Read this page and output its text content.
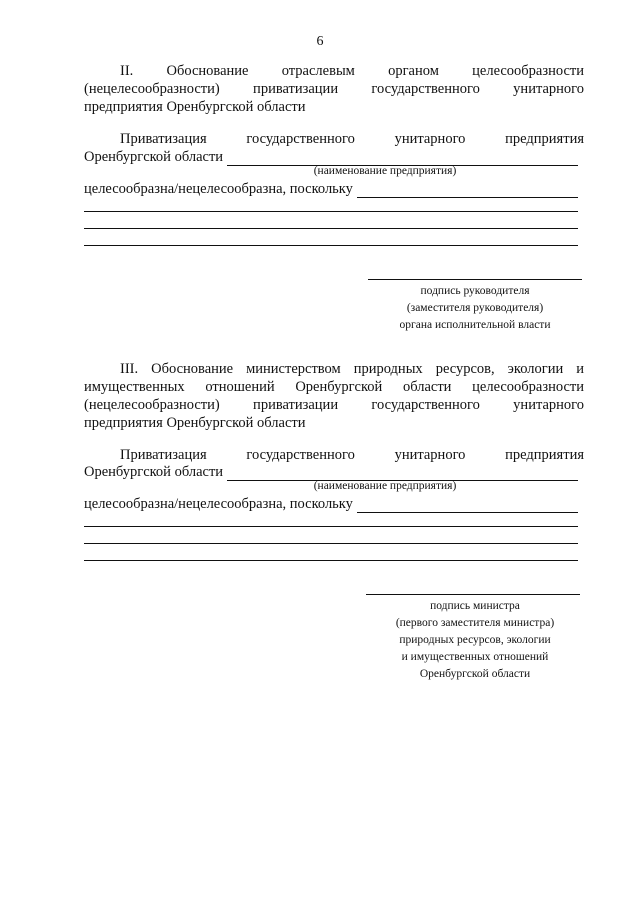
6
II. Обоснование отраслевым органом целесообразности
(нецелесообразности) приватизации государственного унитарного
предприятия Оренбургской области
Приватизация государственного унитарного предприятия
Оренбургской области
(наименование предприятия)
целесообразна/нецелесообразна, поскольку
подпись руководителя
(заместителя руководителя)
органа исполнительной власти
III. Обоснование министерством природных ресурсов, экологии и
имущественных отношений Оренбургской области целесообразности
(нецелесообразности) приватизации государственного унитарного
предприятия Оренбургской области
Приватизация государственного унитарного предприятия
Оренбургской области
(наименование предприятия)
целесообразна/нецелесообразна, поскольку
подпись министра
(первого заместителя министра)
природных ресурсов, экологии
и имущественных отношений
Оренбургской области
